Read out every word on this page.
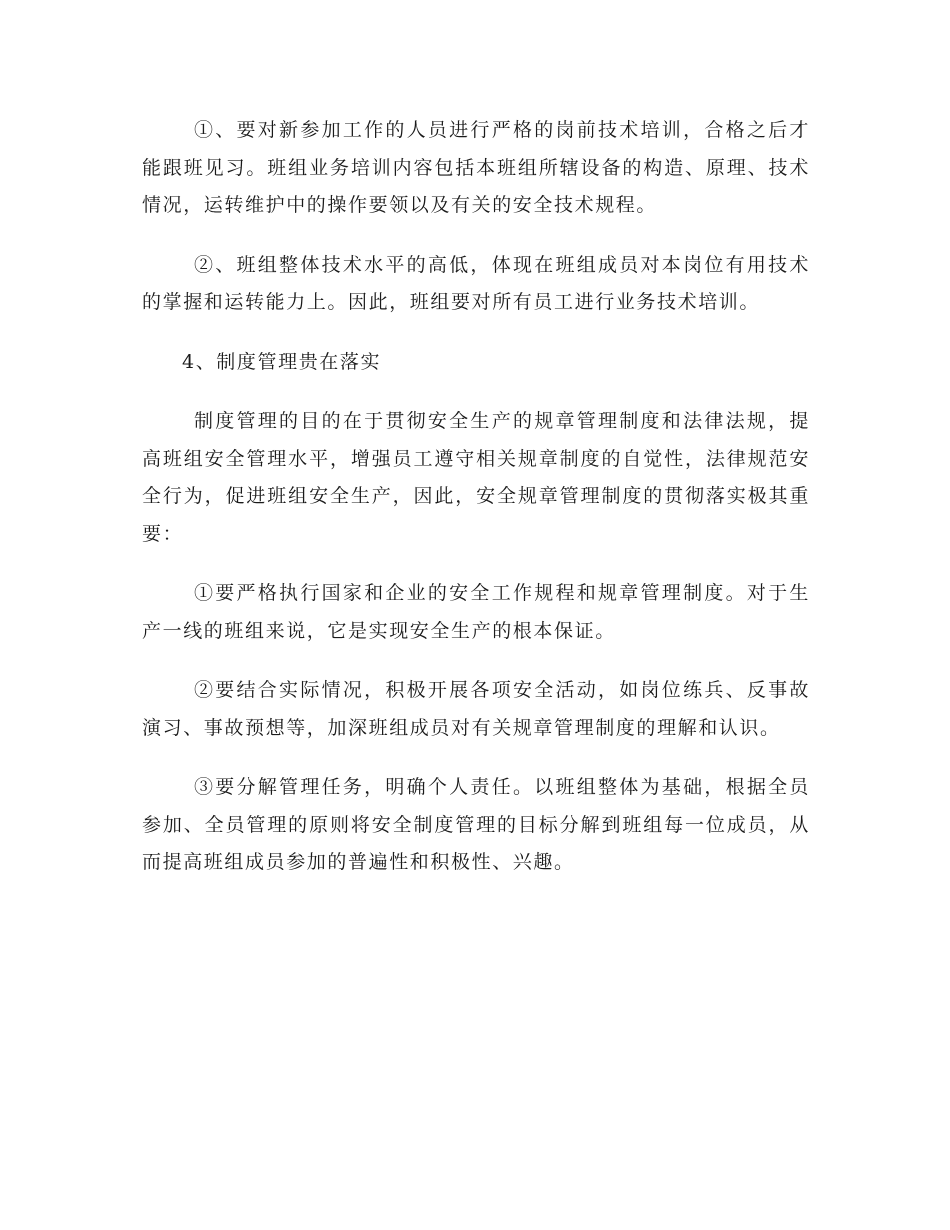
①、要对新参加工作的人员进行严格的岗前技术培训，合格之后才能跟班见习。班组业务培训内容包括本班组所辖设备的构造、原理、技术情况，运转维护中的操作要领以及有关的安全技术规程。

②、班组整体技术水平的高低，体现在班组成员对本岗位有用技术的掌握和运转能力上。因此，班组要对所有员工进行业务技术培训。

4、制度管理贵在落实

制度管理的目的在于贯彻安全生产的规章管理制度和法律法规，提高班组安全管理水平，增强员工遵守相关规章制度的自觉性，法律规范安全行为，促进班组安全生产，因此，安全规章管理制度的贯彻落实极其重要：

①要严格执行国家和企业的安全工作规程和规章管理制度。对于生产一线的班组来说，它是实现安全生产的根本保证。

②要结合实际情况，积极开展各项安全活动，如岗位练兵、反事故演习、事故预想等，加深班组成员对有关规章管理制度的理解和认识。

③要分解管理任务，明确个人责任。以班组整体为基础，根据全员参加、全员管理的原则将安全制度管理的目标分解到班组每一位成员，从而提高班组成员参加的普遍性和积极性、兴趣。
